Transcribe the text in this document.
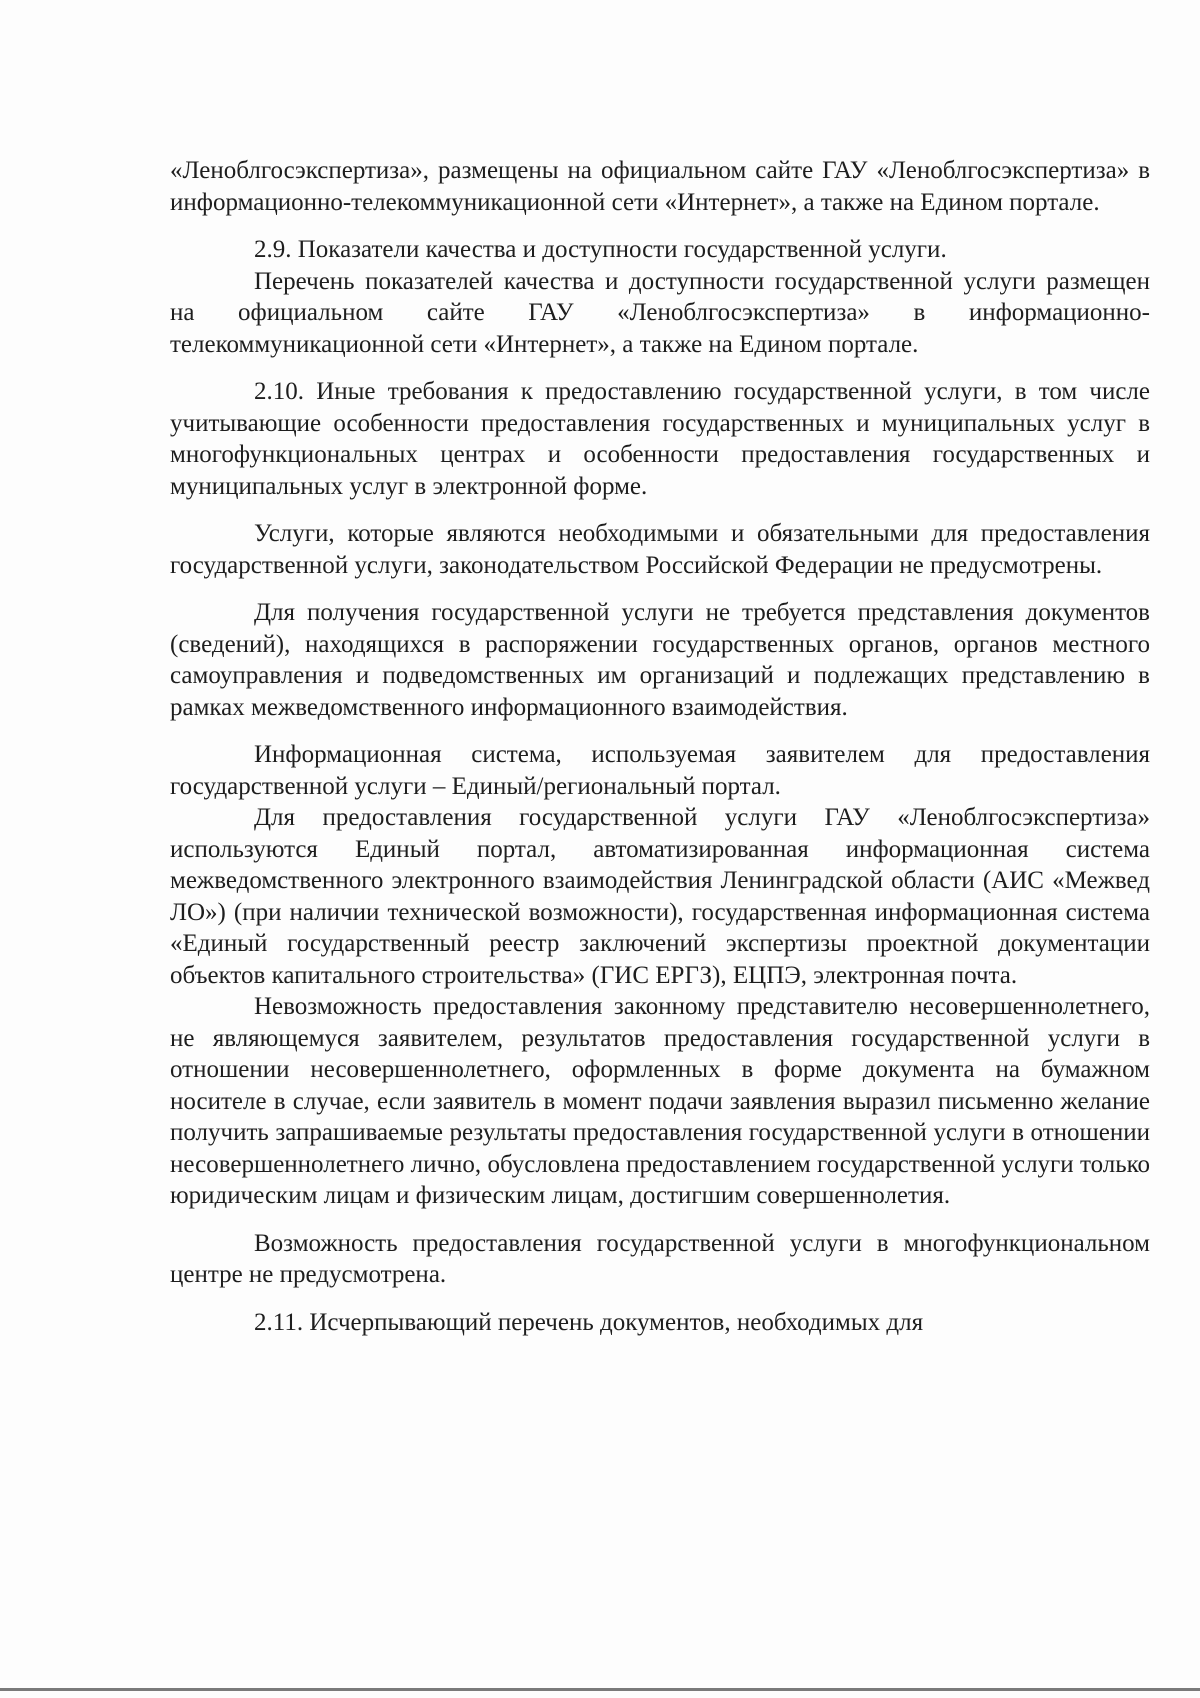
«Леноблгосэкспертиза», размещены на официальном сайте ГАУ «Леноблгосэкспертиза» в информационно-телекоммуникационной сети «Интернет», а также на Едином портале.

2.9. Показатели качества и доступности государственной услуги.

Перечень показателей качества и доступности государственной услуги размещен на официальном сайте ГАУ «Леноблгосэкспертиза» в информационно-телекоммуникационной сети «Интернет», а также на Едином портале.

2.10. Иные требования к предоставлению государственной услуги, в том числе учитывающие особенности предоставления государственных и муниципальных услуг в многофункциональных центрах и особенности предоставления государственных и муниципальных услуг в электронной форме.

Услуги, которые являются необходимыми и обязательными для предоставления государственной услуги, законодательством Российской Федерации не предусмотрены.

Для получения государственной услуги не требуется представления документов (сведений), находящихся в распоряжении государственных органов, органов местного самоуправления и подведомственных им организаций и подлежащих представлению в рамках межведомственного информационного взаимодействия.

Информационная система, используемая заявителем для предоставления государственной услуги – Единый/региональный портал.

Для предоставления государственной услуги ГАУ «Леноблгосэкспертиза» используются Единый портал, автоматизированная информационная система межведомственного электронного взаимодействия Ленинградской области (АИС «Межвед ЛО») (при наличии технической возможности), государственная информационная система «Единый государственный реестр заключений экспертизы проектной документации объектов капитального строительства» (ГИС ЕРГЗ), ЕЦПЭ, электронная почта.

Невозможность предоставления законному представителю несовершеннолетнего, не являющемуся заявителем, результатов предоставления государственной услуги в отношении несовершеннолетнего, оформленных в форме документа на бумажном носителе в случае, если заявитель в момент подачи заявления выразил письменно желание получить запрашиваемые результаты предоставления государственной услуги в отношении несовершеннолетнего лично, обусловлена предоставлением государственной услуги только юридическим лицам и физическим лицам, достигшим совершеннолетия.

Возможность предоставления государственной услуги в многофункциональном центре не предусмотрена.

2.11. Исчерпывающий перечень документов, необходимых для
